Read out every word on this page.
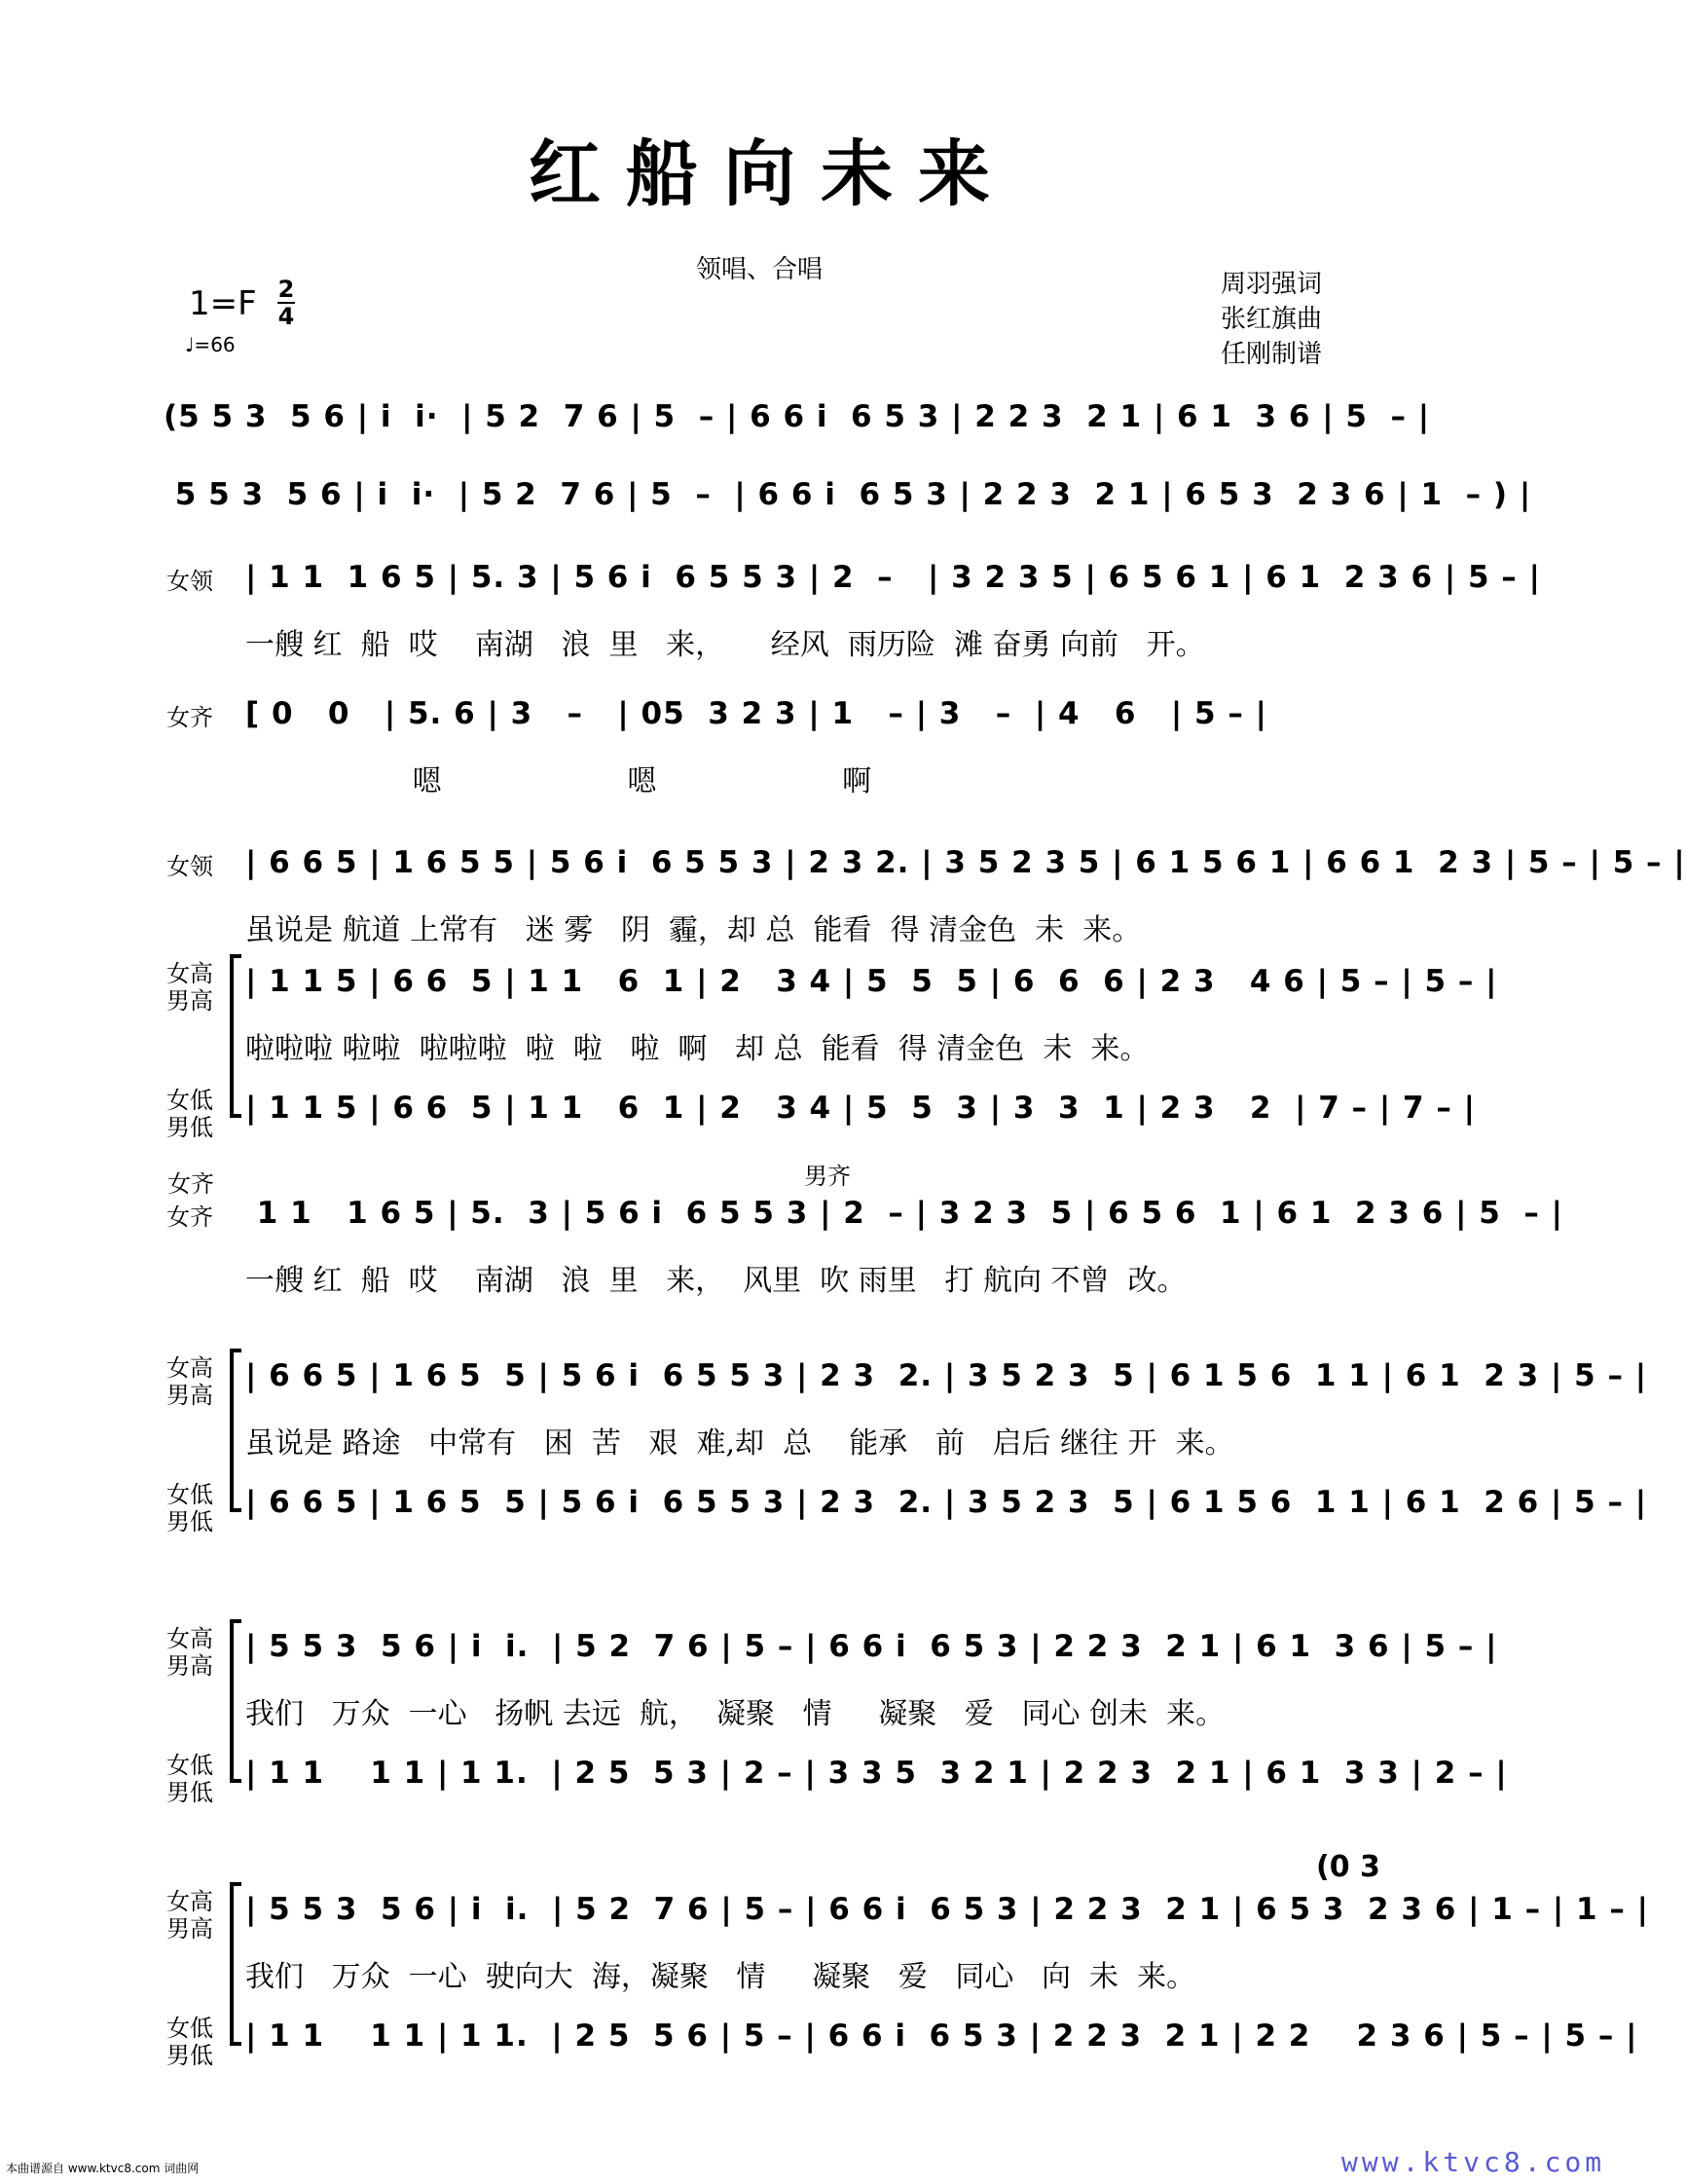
红船向未来
领唱、合唱	周羽强词
张红旗曲
任刚制谱
1=F 2
4
♩=66
(5 5 3  5 6 | i  i·  | 5 2  7 6 | 5  – | 6 6 i  6 5 3 | 2 2 3  2 1 | 6 1  3 6 | 5  – |
5 5 3  5 6 | i  i·  | 5 2  7 6 | 5  –  | 6 6 i  6 5 3 | 2 2 3  2 1 | 6 5 3  2 3 6 | 1  – ) |
女领 | 1 1  1 6 5 | 5. 3 | 5 6 i  6 5 5 3 | 2  –   | 3 2 3 5 | 6 5 6 1 | 6 1  2 3 6 | 5 – |
一艘 红  船  哎    南湖   浪  里   来，     经风  雨历险  滩 奋勇 向前   开。
女齐 [ 0   0   | 5. 6 | 3   –   | 05  3 2 3 | 1   – | 3   –  | 4   6   | 5 – |
嗯                    嗯                    啊
女领 | 6 6 5 | 1 6 5 5 | 5 6 i  6 5 5 3 | 2 3 2. | 3 5 2 3 5 | 6 1 5 6 1 | 6 6 1  2 3 | 5 – | 5 – |
虽说是 航道 上常有   迷 雾   阴  霾，却 总  能看  得 清金色  未  来。
女高
男高
| 1 1 5 | 6 6  5 | 1 1   6  1 | 2   3 4 | 5  5  5 | 6  6  6 | 2 3   4 6 | 5 – | 5 – |
啦啦啦 啦啦  啦啦啦  啦  啦   啦  啊   却 总  能看  得 清金色  未  来。
女低
男低
| 1 1 5 | 6 6  5 | 1 1   6  1 | 2   3 4 | 5  5  3 | 3  3  1 | 2 3   2  | 7 – | 7 – |
女齐 1 1   1 6 5 | 5.  3 | 5 6 i  6 5 5 3 | 2  – | 3 2 3  5 | 6 5 6  1 | 6 1  2 3 6 | 5  – |
一艘 红  船  哎    南湖   浪  里   来，  风里  吹 雨里   打 航向 不曾  改。
女高
男高
| 6 6 5 | 1 6 5  5 | 5 6 i  6 5 5 3 | 2 3  2. | 3 5 2 3  5 | 6 1 5 6  1 1 | 6 1  2 3 | 5 – |
虽说是 路途   中常有   困  苦   艰  难,却  总    能承   前   启后 继往 开  来。
女低
男低
| 6 6 5 | 1 6 5  5 | 5 6 i  6 5 5 3 | 2 3  2. | 3 5 2 3  5 | 6 1 5 6  1 1 | 6 1  2 6 | 5 – |
女高
男高
| 5 5 3  5 6 | i  i.  | 5 2  7 6 | 5 – | 6 6 i  6 5 3 | 2 2 3  2 1 | 6 1  3 6 | 5 – |
我们   万众  一心   扬帆 去远  航，  凝聚   情     凝聚   爱   同心 创未  来。
女低
男低
| 1 1    1 1 | 1 1.  | 2 5  5 3 | 2 – | 3 3 5  3 2 1 | 2 2 3  2 1 | 6 1  3 3 | 2 – |
女高
男高
| 5 5 3  5 6 | i  i.  | 5 2  7 6 | 5 – | 6 6 i  6 5 3 | 2 2 3  2 1 | 6 5 3  2 3 6 | 1 – | 1 – |
我们   万众  一心  驶向大  海，凝聚   情     凝聚   爱   同心   向  未  来。
女低
男低
| 1 1    1 1 | 1 1.  | 2 5  5 6 | 5 – | 6 6 i  6 5 3 | 2 2 3  2 1 | 2 2    2 3 6 | 5 – | 5 – |
女齐	男齐
(0 3
本曲谱源自 www.ktvc8.com 词曲网	www.ktvc8.com
